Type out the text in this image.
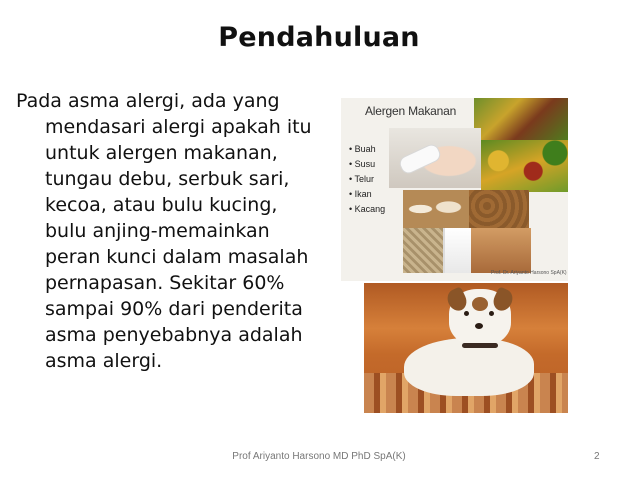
Pendahuluan
Pada asma alergi, ada yang
mendasari alergi apakah itu
untuk alergen makanan,
tungau debu, serbuk sari,
kecoa, atau bulu kucing,
bulu anjing-memainkan
peran kunci dalam masalah
pernapasan. Sekitar 60%
sampai 90% dari penderita
asma penyebabnya adalah
asma alergi.
Alergen Makanan
• Buah
• Susu
• Telur
• Ikan
• Kacang
Prof. Dr. Ariyanto Harsono SpA(K)
Prof Ariyanto Harsono MD PhD SpA(K)	2
